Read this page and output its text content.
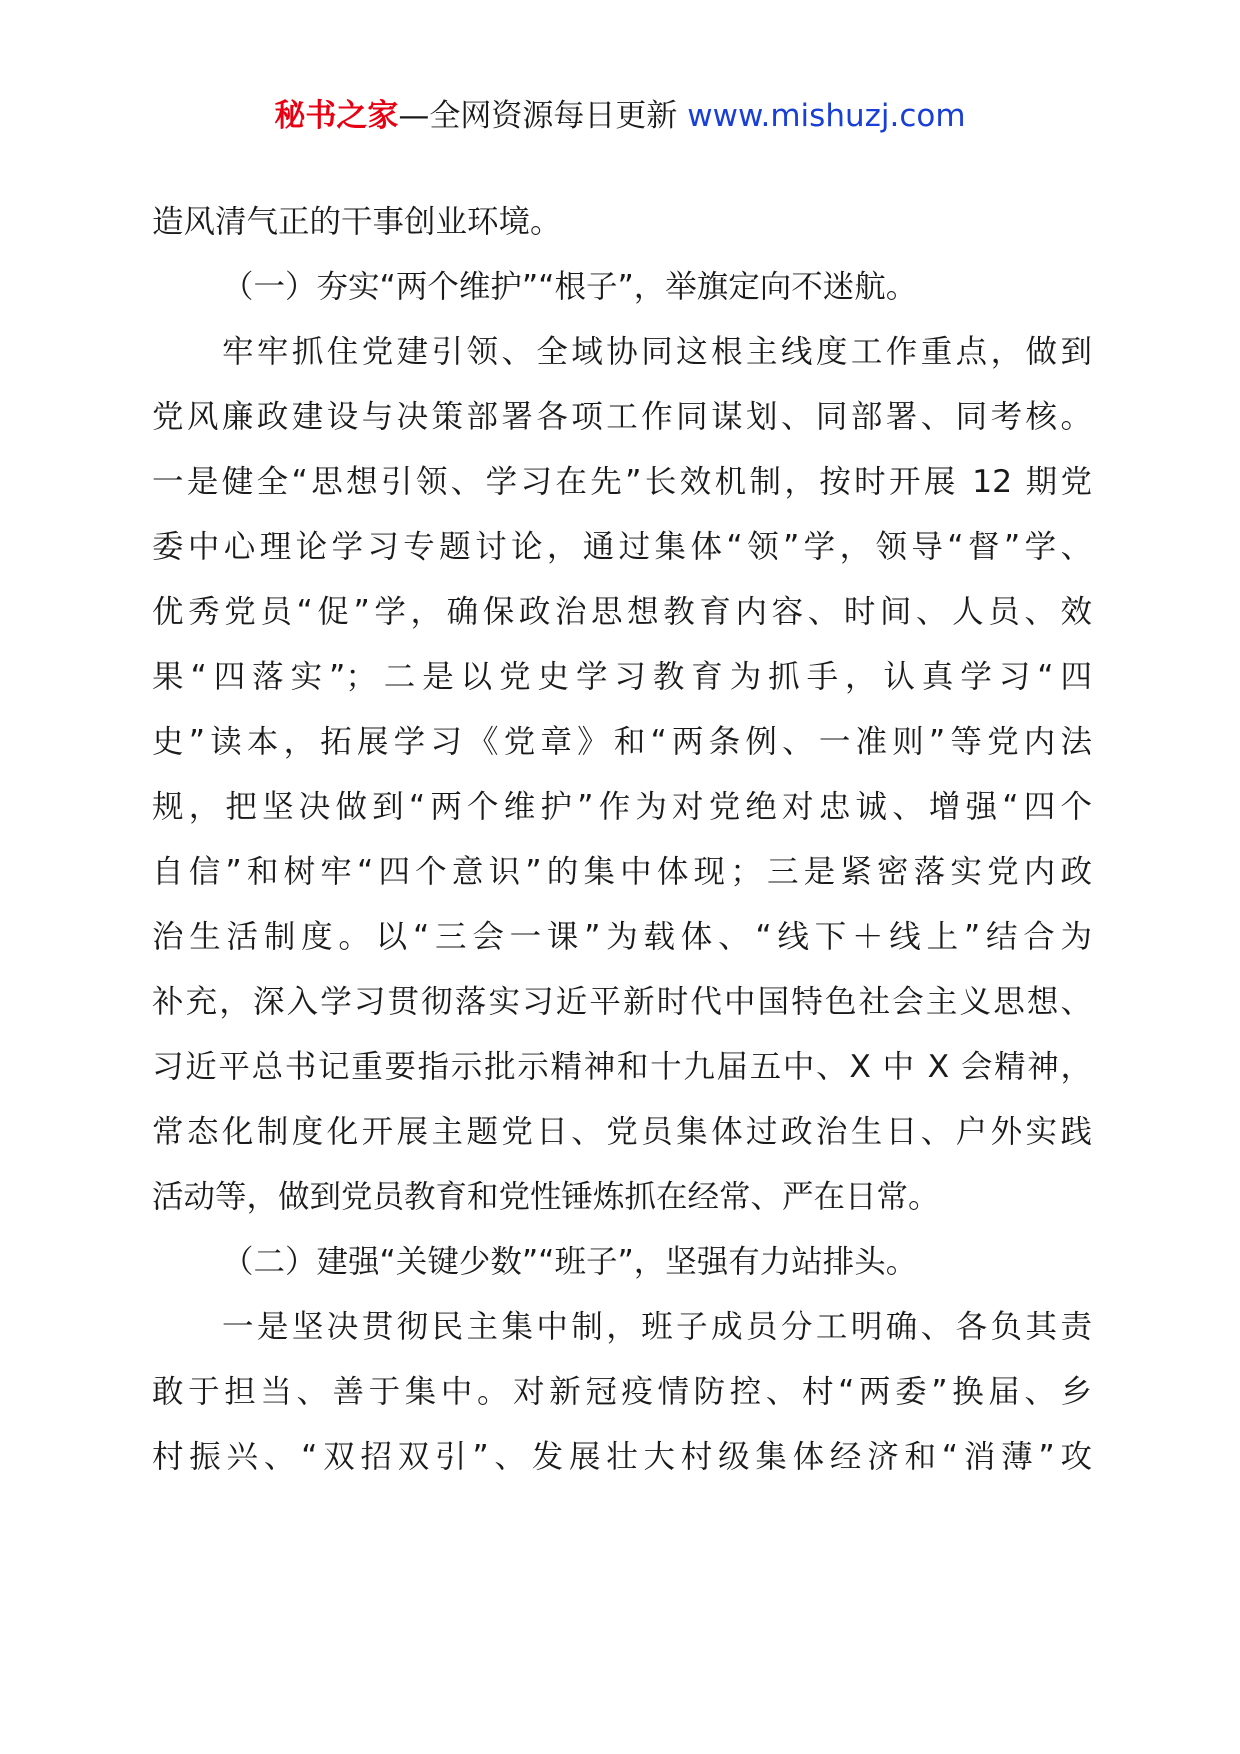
秘书之家—全网资源每日更新 www.mishuzj.com
造风清气正的干事创业环境。
（一）夯实“两个维护”“根子”，举旗定向不迷航。
牢牢抓住党建引领、全域协同这根主线度工作重点，做到
党风廉政建设与决策部署各项工作同谋划、同部署、同考核。
一是健全“思想引领、学习在先”长效机制，按时开展 12 期党
委中心理论学习专题讨论，通过集体“领”学，领导“督”学、
优秀党员“促”学，确保政治思想教育内容、时间、人员、效
果“四落实”；二是以党史学习教育为抓手，认真学习“四
史”读本，拓展学习《党章》和“两条例、一准则”等党内法
规，把坚决做到“两个维护”作为对党绝对忠诚、增强“四个
自信”和树牢“四个意识”的集中体现；三是紧密落实党内政
治生活制度。以“三会一课”为载体、“线下＋线上”结合为
补充，深入学习贯彻落实习近平新时代中国特色社会主义思想、
习近平总书记重要指示批示精神和十九届五中、X 中 X 会精神，
常态化制度化开展主题党日、党员集体过政治生日、户外实践
活动等，做到党员教育和党性锤炼抓在经常、严在日常。
（二）建强“关键少数”“班子”，坚强有力站排头。
一是坚决贯彻民主集中制，班子成员分工明确、各负其责
敢于担当、善于集中。对新冠疫情防控、村“两委”换届、乡
村振兴、“双招双引”、发展壮大村级集体经济和“消薄”攻
